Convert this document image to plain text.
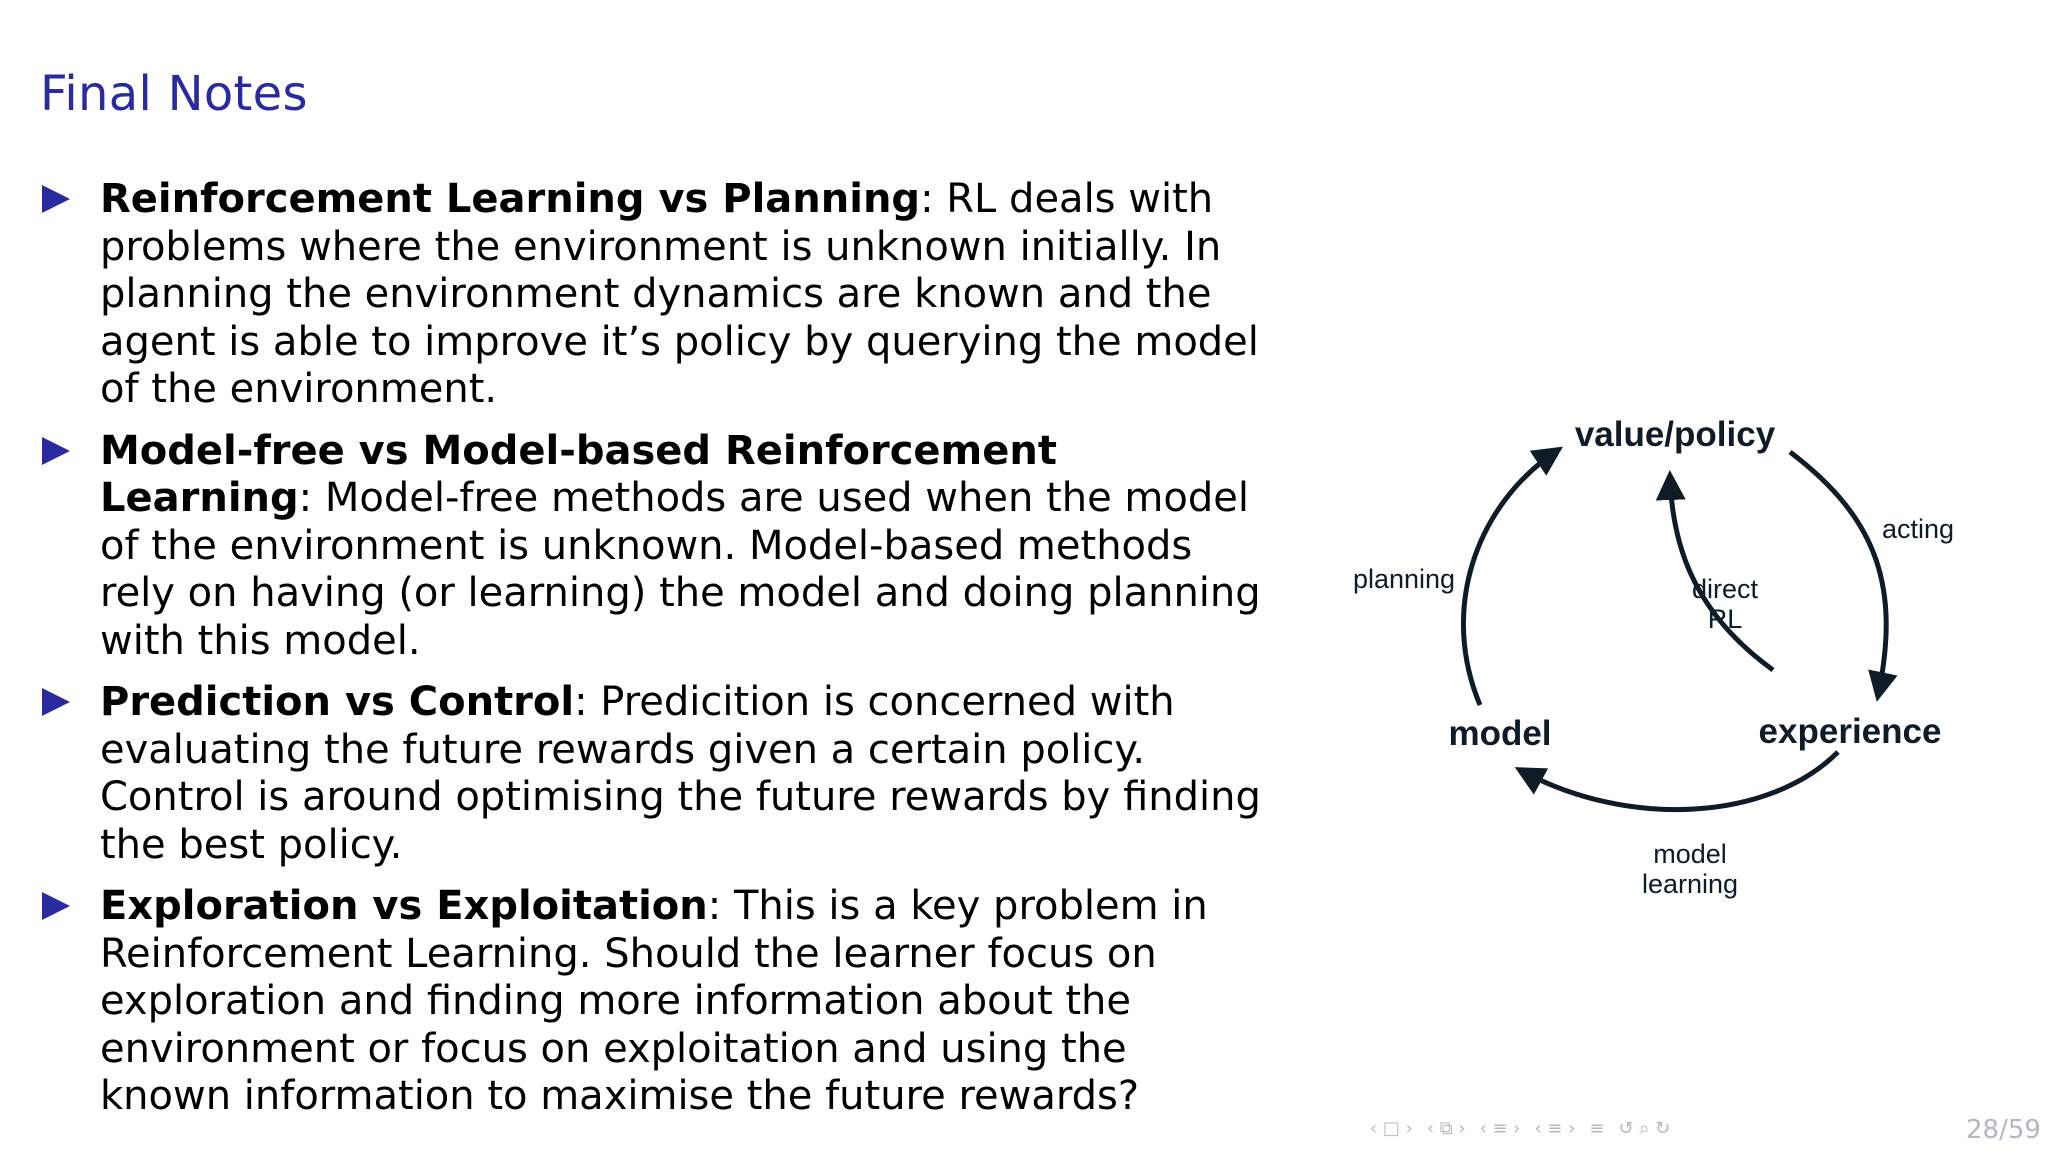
Final Notes
Reinforcement Learning vs Planning: RL deals with problems where the environment is unknown initially. In planning the environment dynamics are known and the agent is able to improve it’s policy by querying the model of the environment.
Model-free vs Model-based Reinforcement Learning: Model-free methods are used when the model of the environment is unknown. Model-based methods rely on having (or learning) the model and doing planning with this model.
Prediction vs Control: Predicition is concerned with evaluating the future rewards given a certain policy. Control is around optimising the future rewards by finding the best policy.
Exploration vs Exploitation: This is a key problem in Reinforcement Learning. Should the learner focus on exploration and finding more information about the environment or focus on exploitation and using the known information to maximise the future rewards?
value/policy
model	experience
acting
planning	direct
RL
model
learning
‹ □ › ‹ ⧉ › ‹ ≡ › ‹ ≡ › ≡ ↺ ⌕ ↻	28/59
